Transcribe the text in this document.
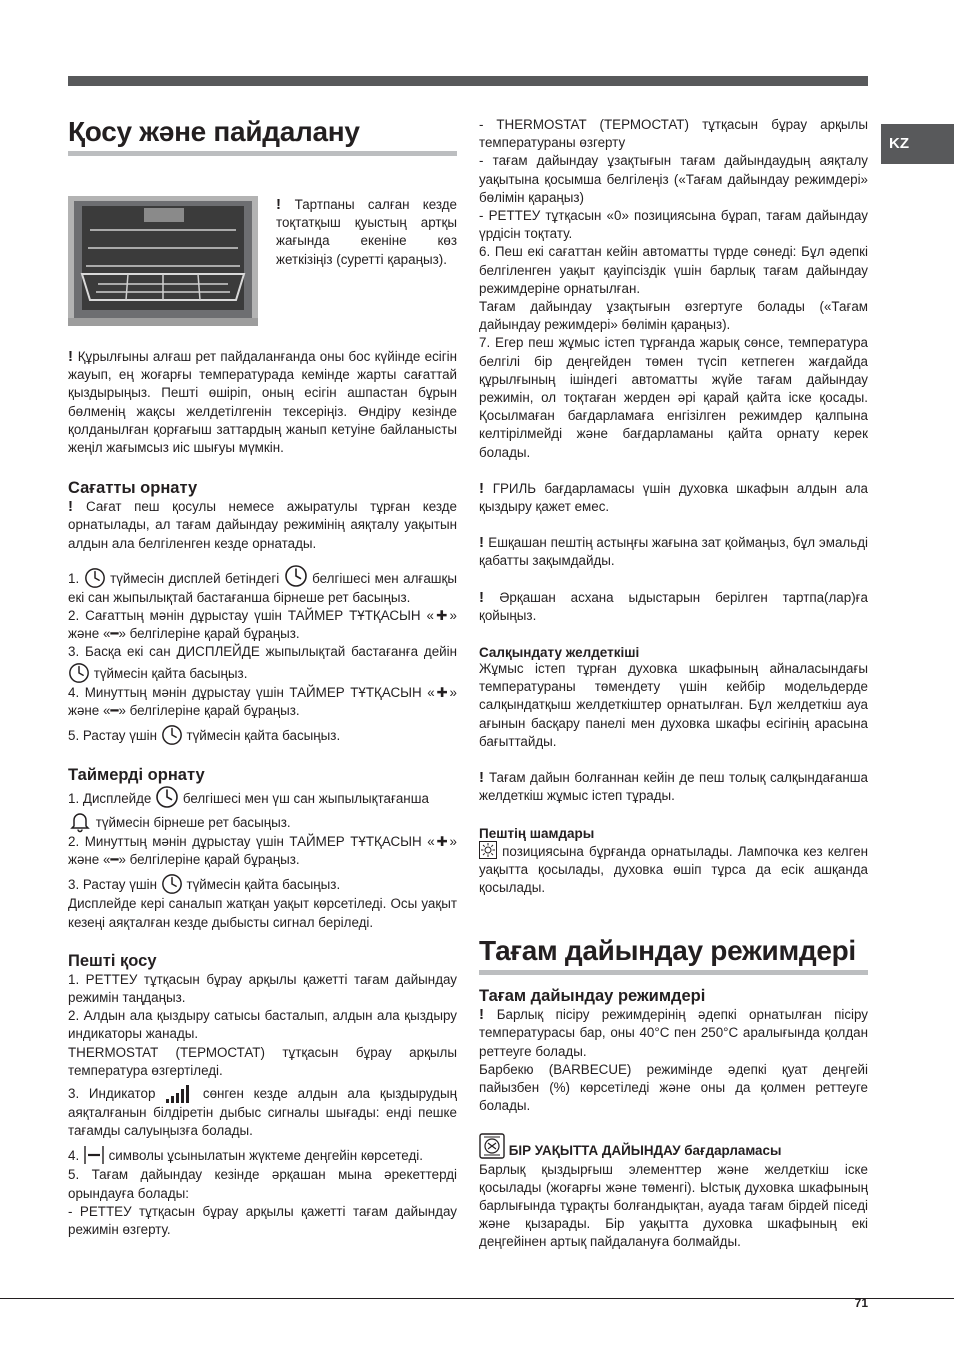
KZ
Қосу және пайдалану

! Тартпаны салған кезде тоқтатқыш қуыстың артқы жағында екеніне көз жеткізіңіз (суретті қараңыз).

! Құрылғыны алғаш рет пайдаланғанда оны бос күйінде есігін жауып, ең жоғарғы температурада кемінде жарты сағаттай қыздырыңыз. Пешті өшіріп, оның есігін ашпастан бұрын бөлменің жақсы желдетілгенін тексеріңіз. Өндіру кезінде қолданылған қорғағыш заттардың жанып кетуіне байланысты жеңіл жағымсыз иіс шығуы мүмкін.

Сағатты орнату

! Сағат пеш қосулы немесе ажыратулы тұрған кезде орнатылады, ал тағам дайындау режимінің аяқталу уақытын алдын ала белгіленген кезде орнатады.

1.  түймесін дисплей бетіндегі  белгішесі мен алғашқы екі сан жыпылықтай бастағанша бірнеше рет басыңыз.

2. Сағаттың мәнін дұрыстау үшін ТАЙМЕР ТҰТҚАСЫН «✚» және «━» белгілеріне қарай бұраңыз.

3. Басқа екі сан ДИСПЛЕЙДЕ жыпылықтай бастағанға дейін  түймесін қайта басыңыз.

4. Минуттың мәнін дұрыстау үшін ТАЙМЕР ТҰТҚАСЫН «✚» және «━» белгілеріне қарай бұраңыз.

5. Растау үшін  түймесін қайта басыңыз.

Таймерді орнату

1. Дисплейде  белгішесі мен үш сан жыпылықтағанша
түймесін бірнеше рет басыңыз.

2. Минуттың мәнін дұрыстау үшін ТАЙМЕР ТҰТҚАСЫН «✚» және «━» белгілеріне қарай бұраңыз.

3. Растау үшін  түймесін қайта басыңыз.
Дисплейде кері саналып жатқан уақыт көрсетіледі. Осы уақыт кезеңі аяқталған кезде дыбысты сигнал беріледі.

Пешті қосу

1. РЕТТЕУ тұтқасын бұрау арқылы қажетті тағам дайындау режимін таңдаңыз.

2. Алдын ала қыздыру сатысы басталып, алдын ала қыздыру индикаторы жанады.

THERMOSTAT (ТЕРМОСТАТ) тұтқасын бұрау арқылы температура өзгертіледі.

3. Индикатор  сөнген кезде алдын ала қыздырудың аяқталғанын білдіретін дыбыс сигналы шығады: енді пешке тағамды салуыңызға болады.

4.  символы ұсынылатын жүктеме деңгейін көрсетеді.

5. Тағам дайындау кезінде әрқашан мына әрекеттерді орындауға болады:

- РЕТТЕУ тұтқасын бұрау арқылы қажетті тағам дайындау режимін өзгерту.

- THERMOSTAT (ТЕРМОСТАТ) тұтқасын бұрау арқылы температураны өзгерту

- тағам дайындау ұзақтығын тағам дайындаудың аяқталу уақытына қосымша белгілеңіз («Тағам дайындау режимдері» бөлімін қараңыз)

- РЕТТЕУ тұтқасын «0» позициясына бұрап, тағам дайындау үрдісін тоқтату.

6. Пеш екі сағаттан кейін автоматты түрде сөнеді: Бұл әдепкі белгіленген уақыт қауіпсіздік үшін барлық тағам дайындау режимдеріне орнатылған.

Тағам дайындау ұзақтығын өзгертуге болады («Тағам дайындау режимдері» бөлімін қараңыз).

7. Егер пеш жұмыс істеп тұрғанда жарық сөнсе, температура белгілі бір деңгейден төмен түсіп кетпеген жағдайда құрылғының ішіндегі автоматты жүйе тағам дайындау режимін, ол тоқтаған жерден әрі қарай қайта іске қосады. Қосылмаған бағдарламаға енгізілген режимдер қалпына келтірілмейді және бағдарламаны қайта орнату керек болады.

! ГРИЛЬ бағдарламасы үшін духовка шкафын алдын ала қыздыру қажет емес.

! Ешқашан пештің астыңғы жағына зат қоймаңыз, бұл эмальді қабатты зақымдайды.

! Әрқашан асхана ыдыстарын берілген тартпа(лар)ға қойыңыз.

Салқындату желдеткіші

Жұмыс істеп тұрған духовка шкафының айналасындағы температураны төмендету үшін кейбір модельдерде салқындатқыш желдеткіштер орнатылған. Бұл желдеткіш ауа ағынын басқару панелі мен духовка шкафы есігінің арасына бағыттайды.

! Тағам дайын болғаннан кейін де пеш толық салқындағанша желдеткіш жұмыс істеп тұрады.

Пештің шамдары

позициясына бұрғанда орнатылады. Лампочка кез келген уақытта қосылады, духовка өшіп тұрса да есік ашқанда қосылады.

Тағам дайындау режимдері
Тағам дайындау режимдері

! Барлық пісіру режимдерінің әдепкі орнатылған пісіру температурасы бар, оны 40°C пен 250°C аралығында қолдан реттеуге болады.

Барбекю (BARBECUE) режимінде әдепкі қуат деңгейі пайызбен (%) көрсетіледі және оны да қолмен реттеуге болады.

БІР УАҚЫТТА ДАЙЫНДАУ бағдарламасы

Барлық қыздырғыш элементтер және желдеткіш іске қосылады (жоғарғы және төменгі). Ыстық духовка шкафының барлығында тұрақты болғандықтан, ауада тағам бірдей піседі және қызарады. Бір уақытта духовка шкафының екі деңгейінен артық пайдалануға болмайды.

71
